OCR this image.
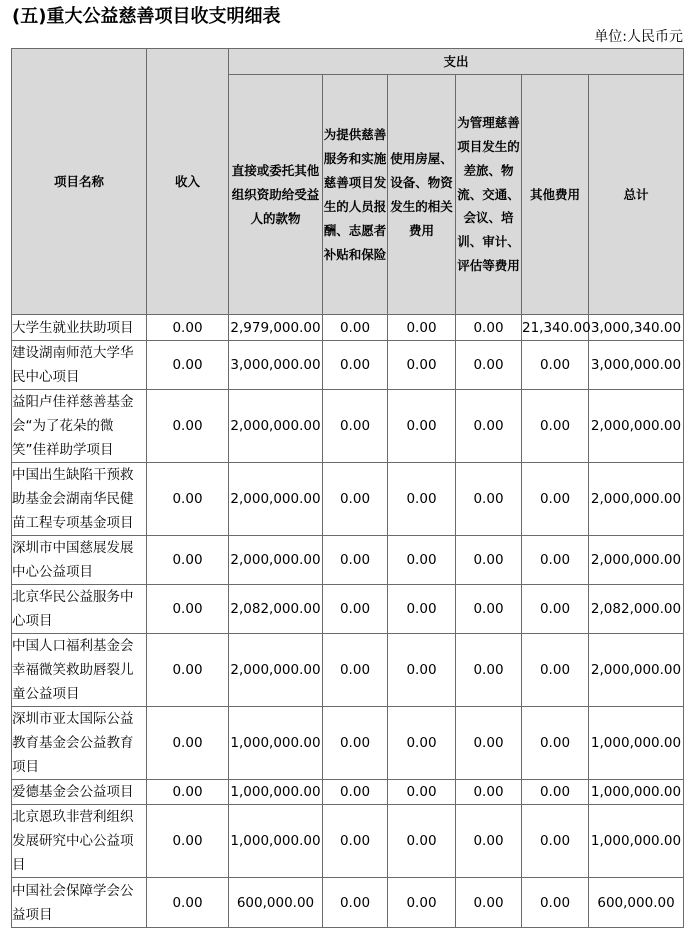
(五)重大公益慈善项目收支明细表
单位:人民币元
项目名称	收入	支出					
		直接或委托其他组织资助给受益人的款物	为提供慈善服务和实施慈善项目发生的人员报酬、志愿者补贴和保险	使用房屋、设备、物资发生的相关费用	为管理慈善项目发生的差旅、物流、交通、会议、培训、审计、评估等费用	其他费用	总计
大学生就业扶助项目	0.00	2,979,000.00	0.00	0.00	0.00	21,340.00	3,000,340.00
建设湖南师范大学华民中心项目	0.00	3,000,000.00	0.00	0.00	0.00	0.00	3,000,000.00
益阳卢佳祥慈善基金会“为了花朵的微笑”佳祥助学项目	0.00	2,000,000.00	0.00	0.00	0.00	0.00	2,000,000.00
中国出生缺陷干预救助基金会湖南华民健苗工程专项基金项目	0.00	2,000,000.00	0.00	0.00	0.00	0.00	2,000,000.00
深圳市中国慈展发展中心公益项目	0.00	2,000,000.00	0.00	0.00	0.00	0.00	2,000,000.00
北京华民公益服务中心项目	0.00	2,082,000.00	0.00	0.00	0.00	0.00	2,082,000.00
中国人口福利基金会幸福微笑救助唇裂儿童公益项目	0.00	2,000,000.00	0.00	0.00	0.00	0.00	2,000,000.00
深圳市亚太国际公益教育基金会公益教育项目	0.00	1,000,000.00	0.00	0.00	0.00	0.00	1,000,000.00
爱德基金会公益项目	0.00	1,000,000.00	0.00	0.00	0.00	0.00	1,000,000.00
北京恩玖非营利组织发展研究中心公益项目	0.00	1,000,000.00	0.00	0.00	0.00	0.00	1,000,000.00
中国社会保障学会公益项目	0.00	600,000.00	0.00	0.00	0.00	0.00	600,000.00
